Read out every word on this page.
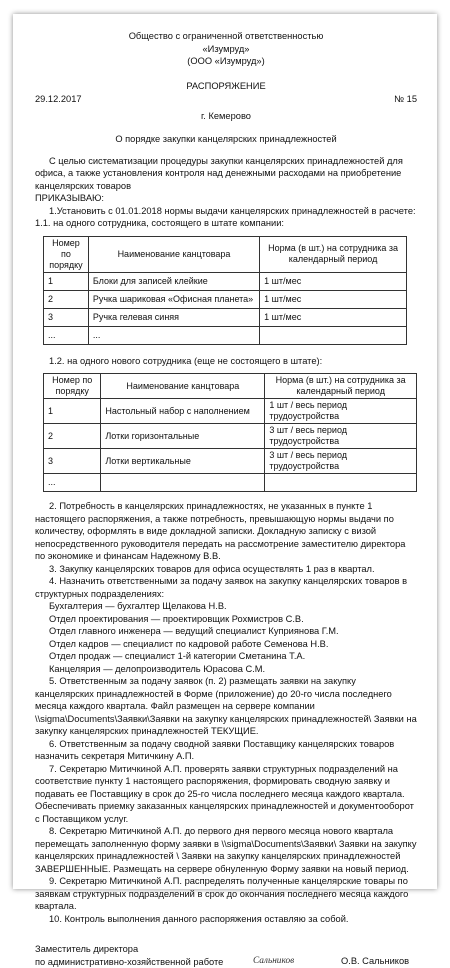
Общество с ограниченной ответственностью
«Изумруд»
(ООО «Изумруд»)
РАСПОРЯЖЕНИЕ
29.12.2017	№ 15
г. Кемерово
О порядке закупки канцелярских принадлежностей
С целью систематизации процедуры закупки канцелярских принадлежностей для офиса, а также установления контроля над денежными расходами на приобретение канцелярских товаров
ПРИКАЗЫВАЮ:
1.Установить с 01.01.2018 нормы выдачи канцелярских принадлежностей в расчете:
1.1. на одного сотрудника, состоящего в штате компании:
Номер по порядку	Наименование канцтовара	Норма (в шт.) на сотрудника за календарный период
1	Блоки для записей клейкие	1 шт/мес
2	Ручка шариковая «Офисная планета»	1 шт/мес
3	Ручка гелевая синяя	1 шт/мес
...	...	
1.2. на одного нового сотрудника (еще не состоящего в штате):
Номер по порядку	Наименование канцтовара	Норма (в шт.) на сотрудника за календарный период
1	Настольный набор с наполнением	1 шт / весь период трудоустройства
2	Лотки горизонтальные	3 шт / весь период трудоустройства
3	Лотки вертикальные	3 шт / весь период трудоустройства
...		
2. Потребность в канцелярских принадлежностях, не указанных в пункте 1 настоящего распоряжения, а также потребность, превышающую нормы выдачи по количеству, оформлять в виде докладной записки. Докладную записку с визой непосредственного руководителя передать на рассмотрение заместителю директора по экономике и финансам Надежному В.В.
3. Закупку канцелярских товаров для офиса осуществлять 1 раз в квартал.
4. Назначить ответственными за подачу заявок на закупку канцелярских товаров в структурных подразделениях:
Бухгалтерия — бухгалтер Щелакова Н.В.
Отдел проектирования — проектировщик Рохмистров С.В.
Отдел главного инженера — ведущий специалист Куприянова Г.М.
Отдел кадров — специалист по кадровой работе Семенова Н.В.
Отдел продаж — специалист 1-й категории Сметанина Т.А.
Канцелярия — делопроизводитель Юрасова С.М.
5. Ответственным за подачу заявок (п. 2) размещать заявки на закупку канцелярских принадлежностей в Форме (приложение) до 20-го числа последнего месяца каждого квартала. Файл размещен на сервере компании \\sigma\Documents\Заявки\Заявки на закупку канцелярских принадлежностей\ Заявки на закупку канцелярских принадлежностей ТЕКУЩИЕ.
6. Ответственным за подачу сводной заявки Поставщику канцелярских товаров назначить секретаря Митичкину А.П.
7. Секретарю Митичкиной А.П. проверять заявки структурных подразделений на соответствие пункту 1 настоящего распоряжения, формировать сводную заявку и подавать ее Поставщику в срок до 25-го числа последнего месяца каждого квартала. Обеспечивать приемку заказанных канцелярских принадлежностей и документооборот с Поставщиком услуг.
8. Секретарю Митичкиной А.П. до первого дня первого месяца нового квартала перемещать заполненную форму заявки в \\sigma\Documents\Заявки\ Заявки на закупку канцелярских принадлежностей \ Заявки на закупку канцелярских принадлежностей ЗАВЕРШЕННЫЕ. Размещать на сервере обнуленную Форму заявки на новый период.
9. Секретарю Митичкиной А.П. распределять полученные канцелярские товары по заявкам структурных подразделений в срок до окончания последнего месяца каждого квартала.
10. Контроль выполнения данного распоряжения оставляю за собой.
Заместитель директора
по административно-хозяйственной работе	Сальников	О.В. Сальников
